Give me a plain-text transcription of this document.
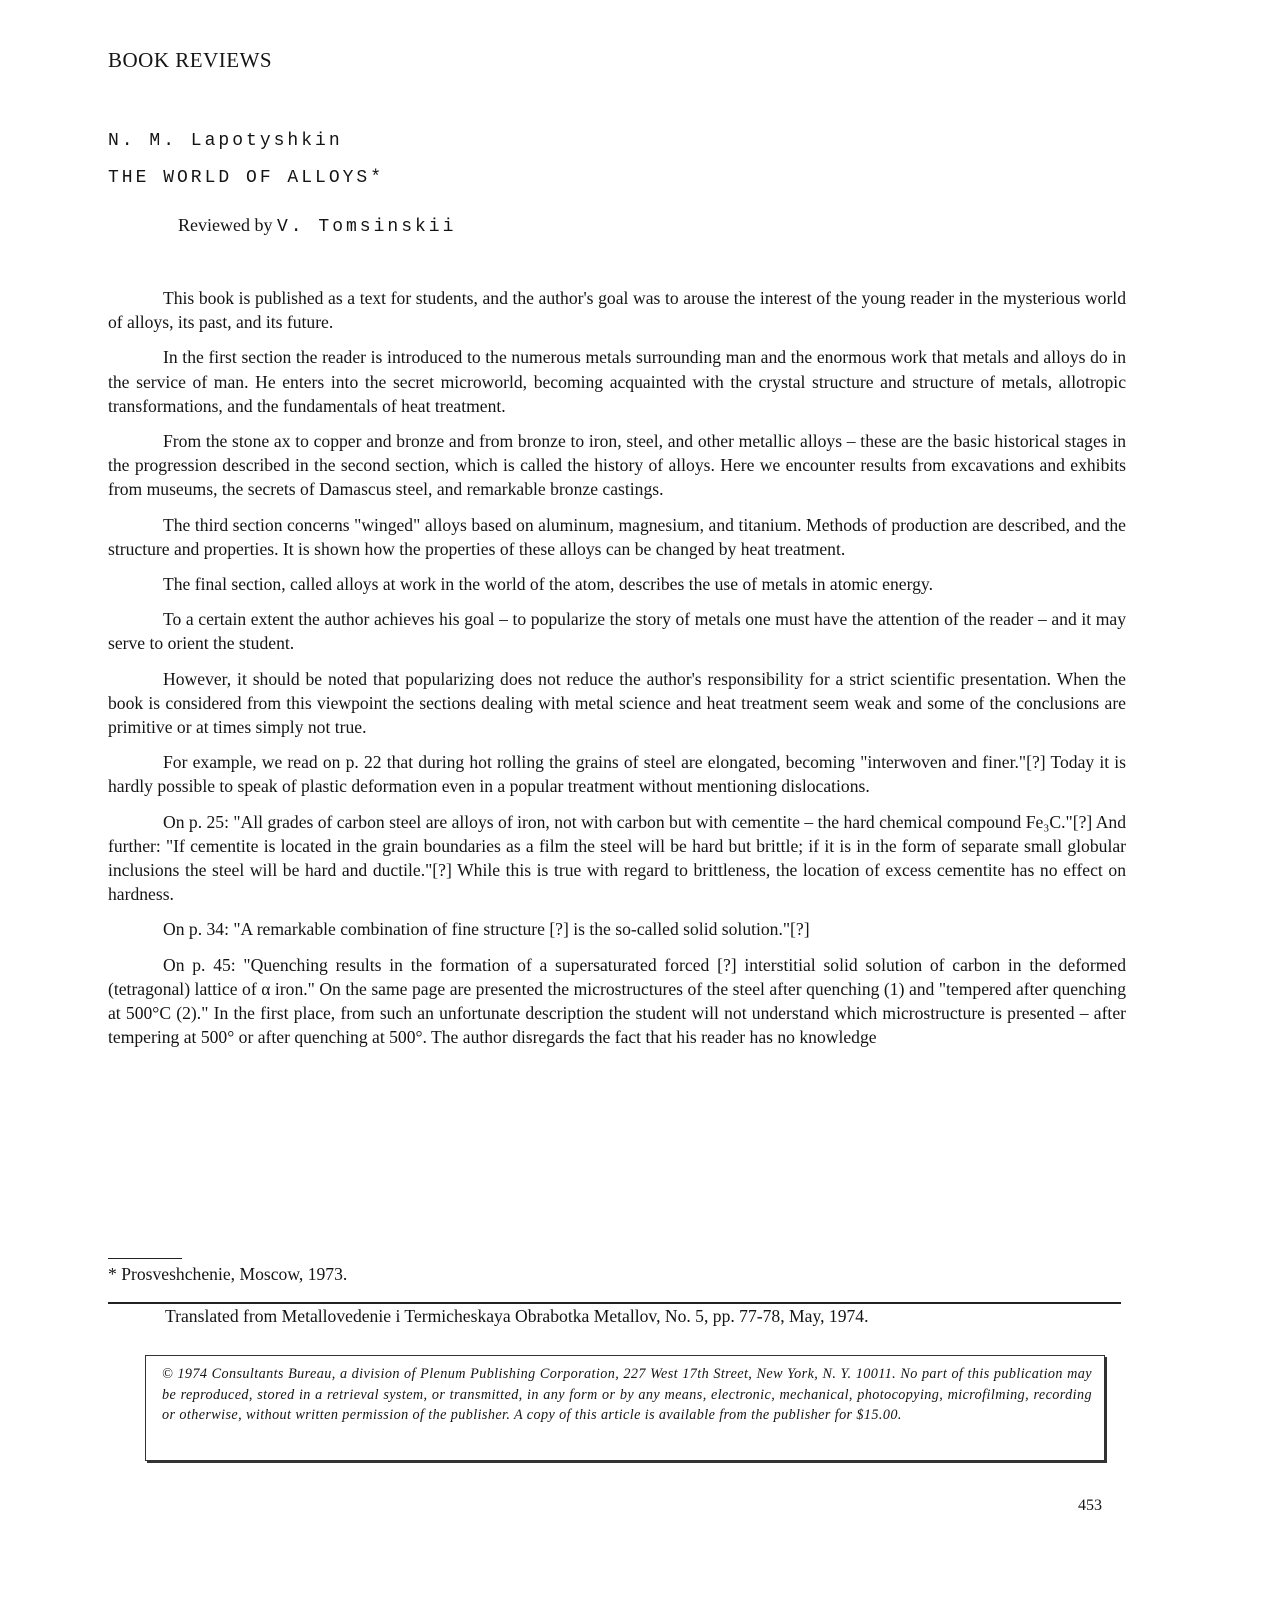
BOOK REVIEWS
N. M. Lapotyshkin
THE WORLD OF ALLOYS*
Reviewed by V. Tomsinskii

This book is published as a text for students, and the author's goal was to arouse the interest of the young reader in the mysterious world of alloys, its past, and its future.

In the first section the reader is introduced to the numerous metals surrounding man and the enormous work that metals and alloys do in the service of man. He enters into the secret microworld, becoming acquainted with the crystal structure and structure of metals, allotropic transformations, and the fundamentals of heat treatment.

From the stone ax to copper and bronze and from bronze to iron, steel, and other metallic alloys – these are the basic historical stages in the progression described in the second section, which is called the history of alloys. Here we encounter results from excavations and exhibits from museums, the secrets of Damascus steel, and remarkable bronze castings.

The third section concerns "winged" alloys based on aluminum, magnesium, and titanium. Methods of production are described, and the structure and properties. It is shown how the properties of these alloys can be changed by heat treatment.

The final section, called alloys at work in the world of the atom, describes the use of metals in atomic energy.

To a certain extent the author achieves his goal – to popularize the story of metals one must have the attention of the reader – and it may serve to orient the student.

However, it should be noted that popularizing does not reduce the author's responsibility for a strict scientific presentation. When the book is considered from this viewpoint the sections dealing with metal science and heat treatment seem weak and some of the conclusions are primitive or at times simply not true.

For example, we read on p. 22 that during hot rolling the grains of steel are elongated, becoming "interwoven and finer."[?] Today it is hardly possible to speak of plastic deformation even in a popular treatment without mentioning dislocations.

On p. 25: "All grades of carbon steel are alloys of iron, not with carbon but with cementite – the hard chemical compound Fe₃C."[?] And further: "If cementite is located in the grain boundaries as a film the steel will be hard but brittle; if it is in the form of separate small globular inclusions the steel will be hard and ductile."[?] While this is true with regard to brittleness, the location of excess cementite has no effect on hardness.

On p. 34: "A remarkable combination of fine structure [?] is the so-called solid solution."[?]

On p. 45: "Quenching results in the formation of a supersaturated forced [?] interstitial solid solution of carbon in the deformed (tetragonal) lattice of α iron." On the same page are presented the microstructures of the steel after quenching (1) and "tempered after quenching at 500°C (2)." In the first place, from such an unfortunate description the student will not understand which microstructure is presented – after tempering at 500° or after quenching at 500°. The author disregards the fact that his reader has no knowledge

* Prosveshchenie, Moscow, 1973.
Translated from Metallovedenie i Termicheskaya Obrabotka Metallov, No. 5, pp. 77-78, May, 1974.
© 1974 Consultants Bureau, a division of Plenum Publishing Corporation, 227 West 17th Street, New York, N. Y. 10011. No part of this publication may be reproduced, stored in a retrieval system, or transmitted, in any form or by any means, electronic, mechanical, photocopying, microfilming, recording or otherwise, without written permission of the publisher. A copy of this article is available from the publisher for $15.00.
453
